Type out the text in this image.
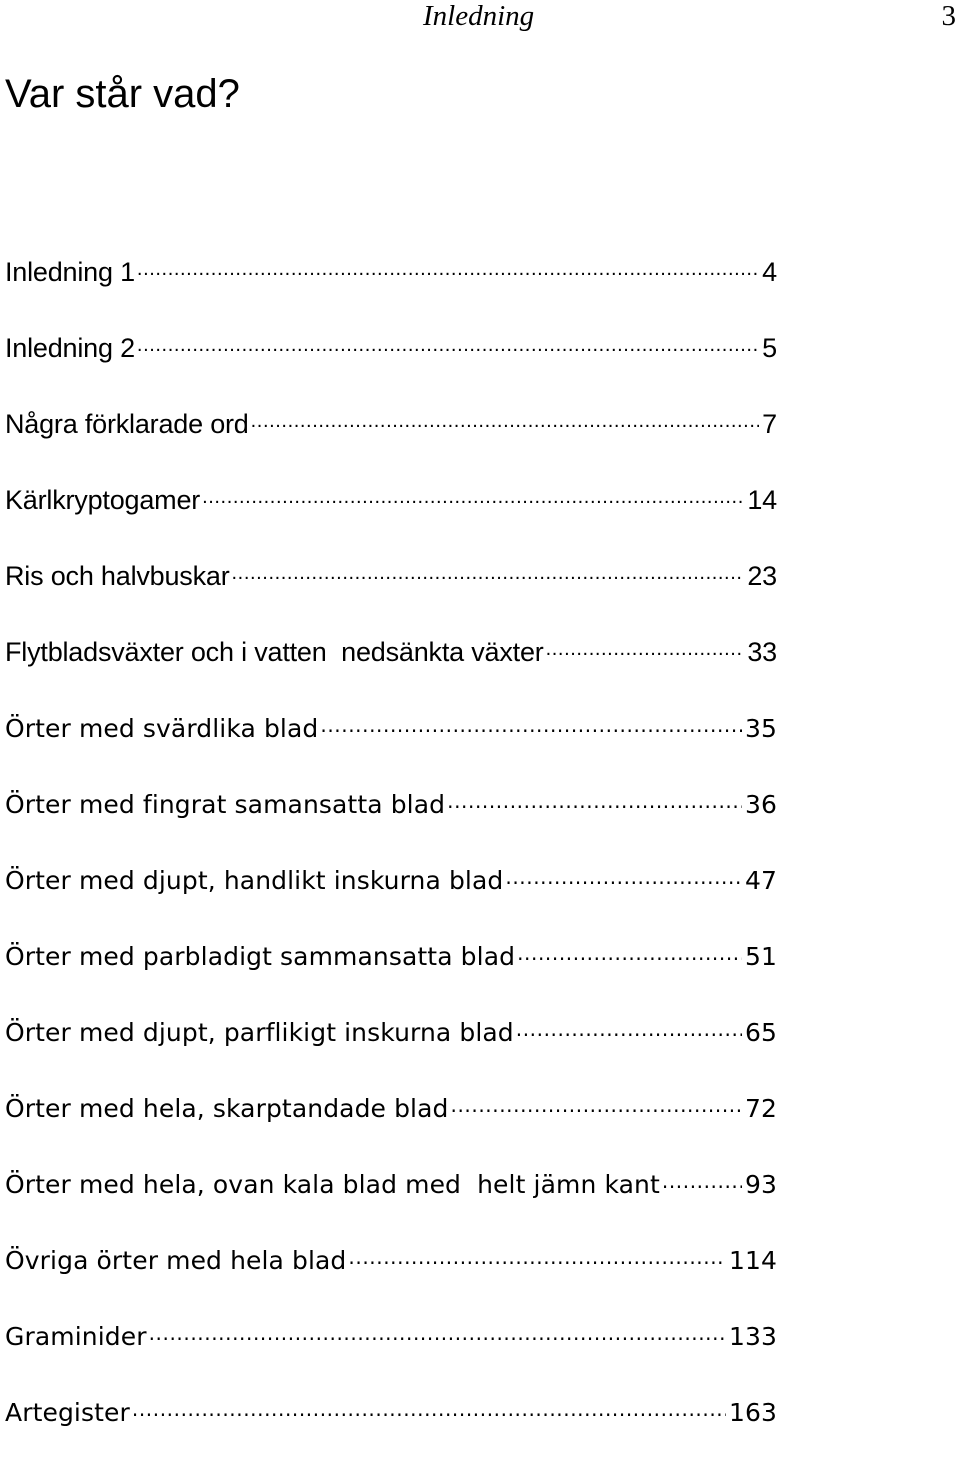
Inledning	3
Var står vad?
Inledning 1 .....	4
Inledning 2 .....	5
Några förklarade ord .....	7
Kärlkryptogamer .....	14
Ris och halvbuskar .....	23
Flytbladsväxter och i vatten  nedsänkta växter .....	33
Örter med svärdlika blad .....	35
Örter med fingrat samansatta blad .....	36
Örter med djupt, handlikt inskurna blad .....	47
Örter med parbladigt sammansatta blad .....	51
Örter med djupt, parflikigt inskurna blad .....	65
Örter med hela, skarptandade blad .....	72
Örter med hela, ovan kala blad med  helt jämn kant .....	93
Övriga örter med hela blad .....	114
Graminider .....	133
Artegister .....	163
